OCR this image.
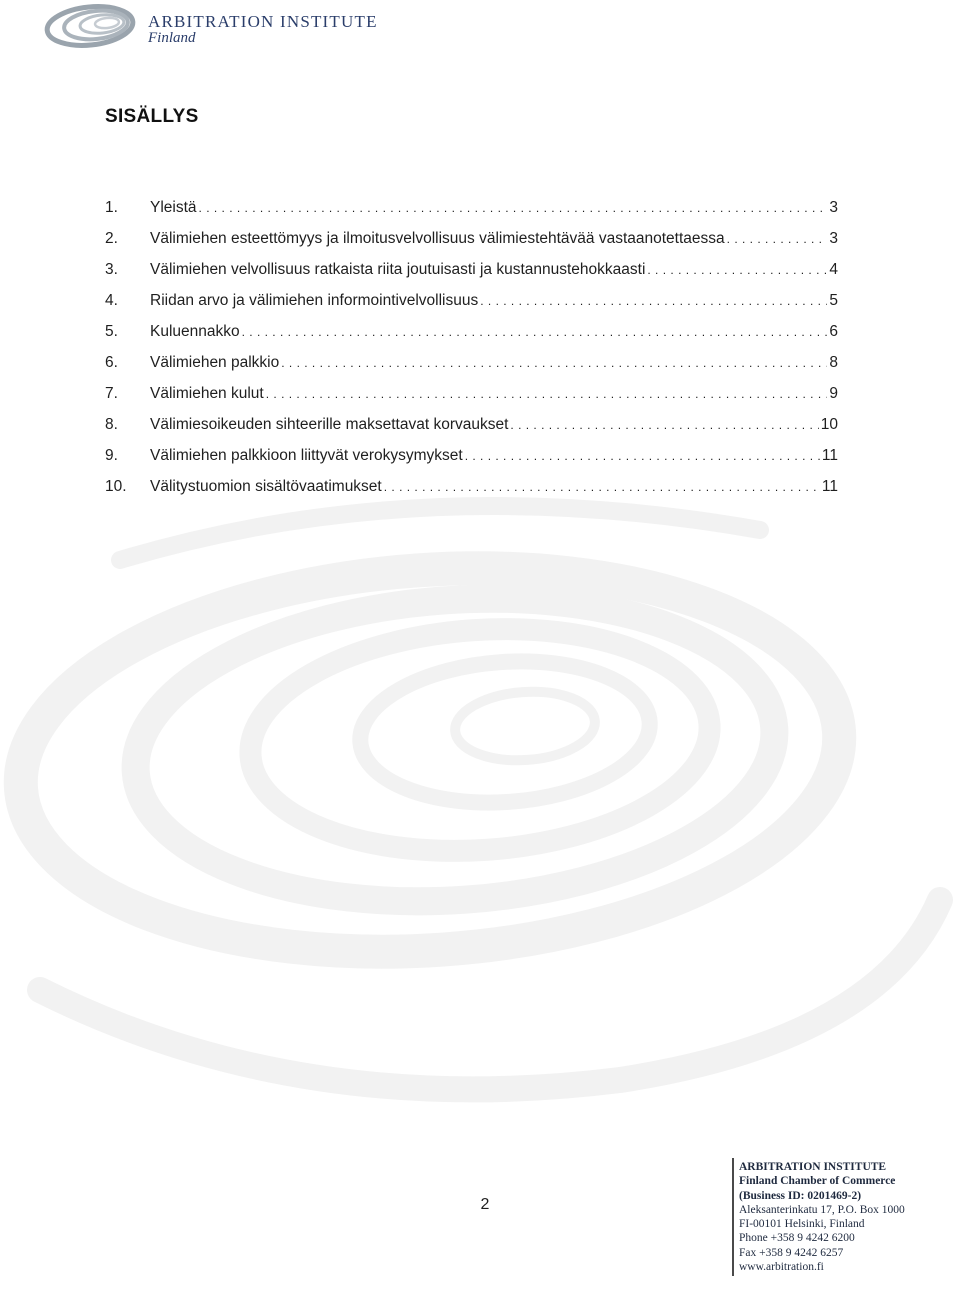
ARBITRATION INSTITUTE
Finland
SISÄLLYS
1.	Yleistä . . .	3
2.	Välimiehen esteettömyys ja ilmoitusvelvollisuus välimiestehtävää vastaanotettaessa . . .	3
3.	Välimiehen velvollisuus ratkaista riita joutuisasti ja kustannustehokkaasti . . .	4
4.	Riidan arvo ja välimiehen informointivelvollisuus . . .	5
5.	Kuluennakko . . .	6
6.	Välimiehen palkkio . . .	8
7.	Välimiehen kulut . . .	9
8.	Välimiesoikeuden sihteerille maksettavat korvaukset . . .	10
9.	Välimiehen palkkioon liittyvät verokysymykset . . .	11
10.	Välitystuomion sisältövaatimukset . . .	11
2
ARBITRATION INSTITUTE
Finland Chamber of Commerce
(Business ID: 0201469-2)
Aleksanterinkatu 17, P.O. Box 1000
FI-00101 Helsinki, Finland
Phone +358 9 4242 6200
Fax +358 9 4242 6257
www.arbitration.fi
